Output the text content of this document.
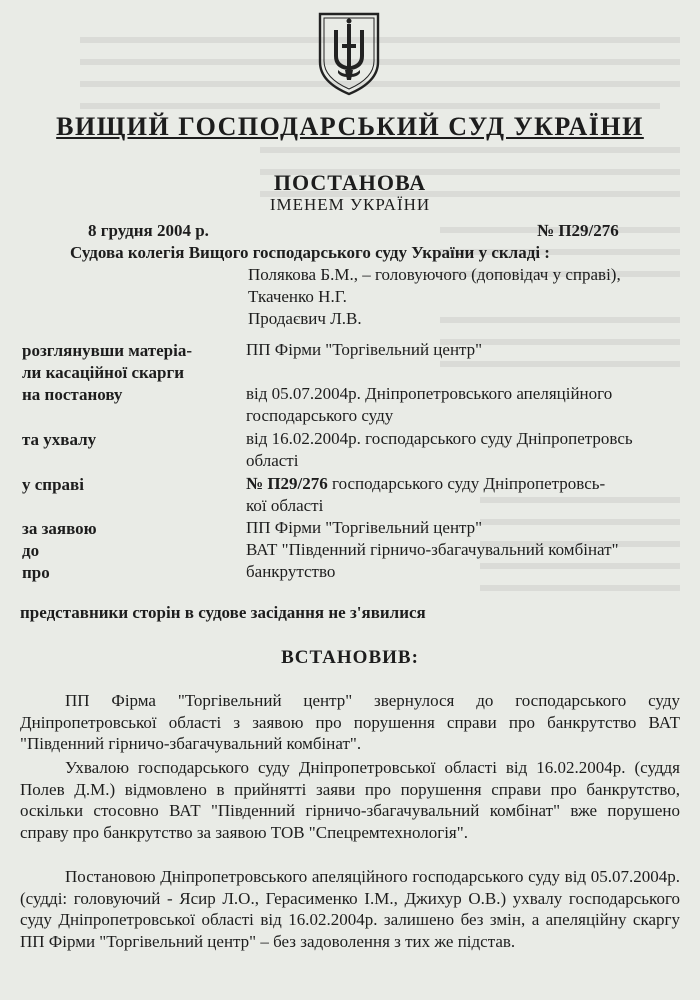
ВИЩИЙ ГОСПОДАРСЬКИЙ СУД УКРАЇНИ
ПОСТАНОВА
ІМЕНЕМ УКРАЇНИ
8 грудня 2004 р.	№ П29/276
Судова колегія Вищого господарського суду України у складі :
Полякова Б.М., – головуючого (доповідач у справі),
Ткаченко Н.Г.
Продаєвич Л.В.
розглянувши матеріа-	ПП Фірми "Торгівельний центр"
ли касаційної скарги
на постанову	від 05.07.2004р. Дніпропетровського апеляційного
господарського суду
та ухвалу	від 16.02.2004р. господарського суду Дніпропетровсь
області
у справі	№ П29/276 господарського суду Дніпропетровсь-
кої області
за заявою	ПП Фірми "Торгівельний центр"
до	ВАТ "Південний гірничо-збагачувальний комбінат"
про	банкрутство
представники сторін в судове засідання не з'явилися
ВСТАНОВИВ:
ПП Фірма "Торгівельний центр" звернулося до господарського суду Дніпропетровської області з заявою про порушення справи про банкрутство ВАТ "Південний гірничо-збагачувальний комбінат".
Ухвалою господарського суду Дніпропетровської області від 16.02.2004р. (суддя Полев Д.М.) відмовлено в прийнятті заяви про порушення справи про банкрутство, оскільки стосовно ВАТ "Південний гірничо-збагачувальний комбінат" вже порушено справу про банкрутство за заявою ТОВ "Спецремтехнологія".
Постановою Дніпропетровського апеляційного господарського суду від 05.07.2004р. (судді: головуючий - Ясир Л.О., Герасименко І.М., Джихур О.В.) ухвалу господарського суду Дніпропетровської області від 16.02.2004р. залишено без змін, а апеляційну скаргу ПП Фірми "Торгівельний центр" – без задоволення з тих же підстав.
